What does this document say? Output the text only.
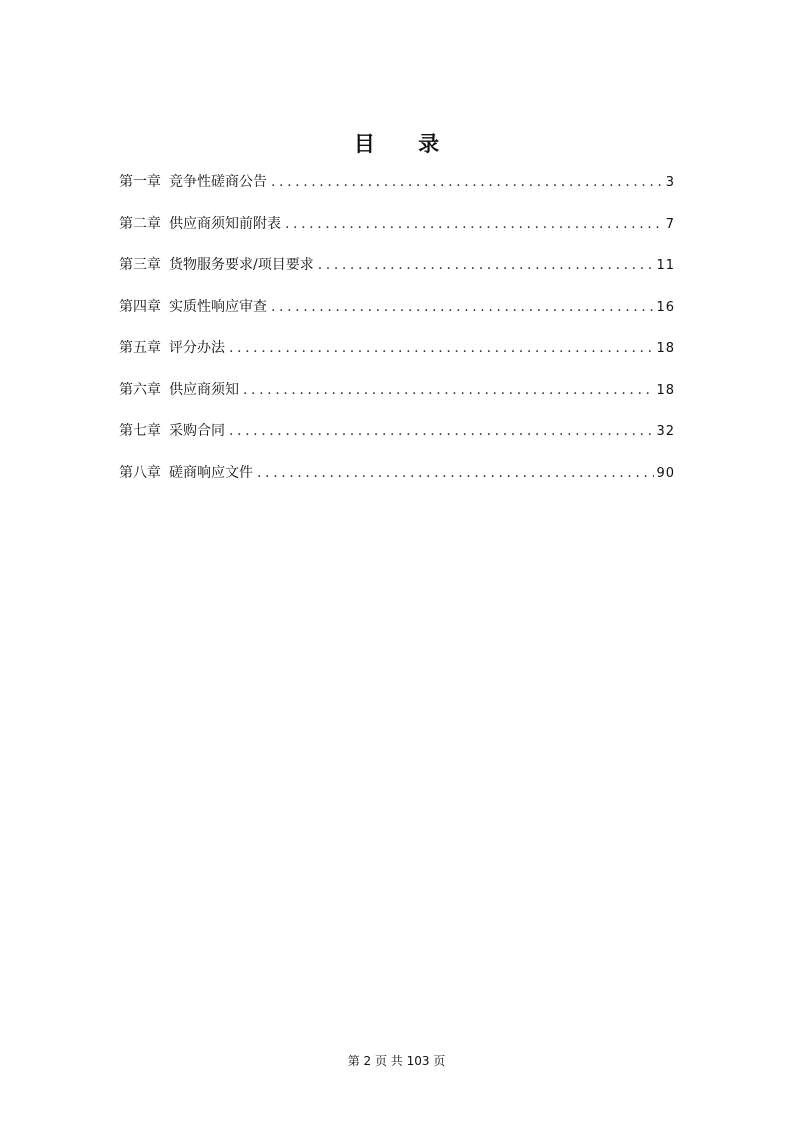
目 录
第一章 竞争性磋商公告 .....	3
第二章 供应商须知前附表 .....	7
第三章 货物服务要求/项目要求 .....	11
第四章 实质性响应审查 .....	16
第五章 评分办法 .....	18
第六章 供应商须知 .....	18
第七章 采购合同 .....	32
第八章 磋商响应文件 .....	90
第 2 页 共 103 页
